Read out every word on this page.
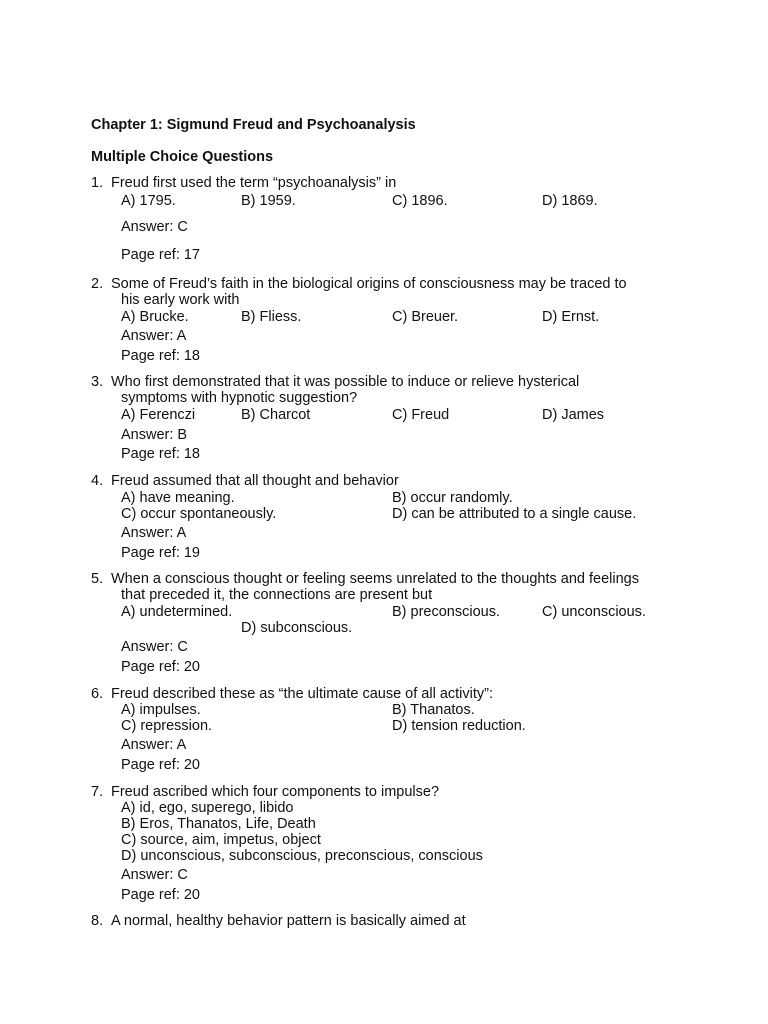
Chapter 1: Sigmund Freud and Psychoanalysis
Multiple Choice Questions
1. Freud first used the term “psychoanalysis” in
A) 1795.	B) 1959.	C) 1896.	D) 1869.
Answer: C
Page ref: 17
2. Some of Freud’s faith in the biological origins of consciousness may be traced to
his early work with
A) Brucke.	B) Fliess.	C) Breuer.	D) Ernst.
Answer: A
Page ref: 18
3. Who first demonstrated that it was possible to induce or relieve hysterical
symptoms with hypnotic suggestion?
A) Ferenczi	B) Charcot	C) Freud	D) James
Answer: B
Page ref: 18
4. Freud assumed that all thought and behavior
A) have meaning.	B) occur randomly.
C) occur spontaneously.	D) can be attributed to a single cause.
Answer: A
Page ref: 19
5. When a conscious thought or feeling seems unrelated to the thoughts and feelings
that preceded it, the connections are present but
A) undetermined.	B) preconscious.	C) unconscious.
D) subconscious.
Answer: C
Page ref: 20
6. Freud described these as “the ultimate cause of all activity”:
A) impulses.	B) Thanatos.
C) repression.	D) tension reduction.
Answer: A
Page ref: 20
7. Freud ascribed which four components to impulse?
A) id, ego, superego, libido
B) Eros, Thanatos, Life, Death
C) source, aim, impetus, object
D) unconscious, subconscious, preconscious, conscious
Answer: C
Page ref: 20
8. A normal, healthy behavior pattern is basically aimed at
